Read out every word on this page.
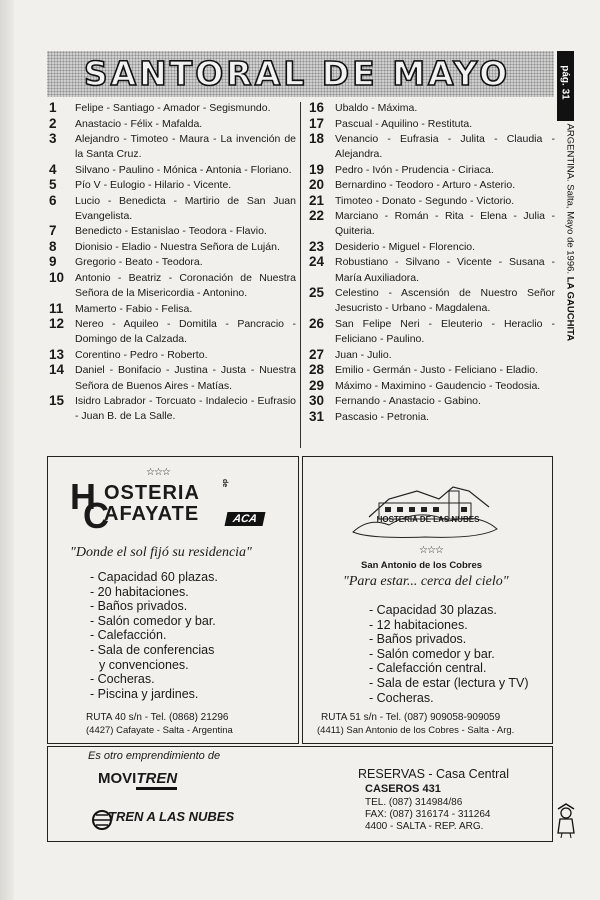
SANTORAL DE MAYO	pág. 31
REP. ARGENTINA. Salta, Mayo de 1996. LA GAUCHITA
1	Felipe - Santiago - Amador - Segismundo.
2	Anastacio - Félix - Mafalda.
3	Alejandro - Timoteo - Maura - La invención de la Santa Cruz.
4	Silvano - Paulino - Mónica - Antonia - Floriano.
5	Pío V - Eulogio - Hilario - Vicente.
6	Lucio - Benedicta - Martirio de San Juan Evangelista.
7	Benedicto - Estanislao - Teodora - Flavio.
8	Dionisio - Eladio - Nuestra Señora de Luján.
9	Gregorio - Beato - Teodora.
10	Antonio - Beatriz - Coronación de Nuestra Señora de la Misericordia - Antonino.
11	Mamerto - Fabio - Felisa.
12	Nereo - Aquileo - Domitila - Pancracio - Domingo de la Calzada.
13	Corentino - Pedro - Roberto.
14	Daniel - Bonifacio - Justina - Justa - Nuestra Señora de Buenos Aires - Matías.
15	Isidro Labrador - Torcuato - Indalecio - Eufrasio - Juan B. de La Salle.
16	Ubaldo - Máxima.
17	Pascual - Aquilino - Restituta.
18	Venancio - Eufrasia - Julita - Claudia - Alejandra.
19	Pedro - Ivón - Prudencia - Ciriaca.
20	Bernardino - Teodoro - Arturo - Asterio.
21	Timoteo - Donato - Segundo - Victorio.
22	Marciano - Román - Rita - Elena - Julia - Quiteria.
23	Desiderio - Miguel - Florencio.
24	Robustiano - Silvano - Vicente - Susana - María Auxiliadora.
25	Celestino - Ascensión de Nuestro Señor Jesucristo - Urbano - Magdalena.
26	San Felipe Neri - Eleuterio - Heraclio - Feliciano - Paulino.
27	Juan - Julio.
28	Emilio - Germán - Justo - Feliciano - Eladio.
29	Máximo - Maximino - Gaudencio - Teodosia.
30	Fernando - Anastacio - Gabino.
31	Pascasio - Petronia.
☆☆☆
H
C
OSTERIA	de
AFAYATE	ACA
"Donde el sol fijó su residencia"
- Capacidad 60 plazas.
- 20 habitaciones.
- Baños privados.
- Salón comedor y bar.
- Calefacción.
- Sala de conferencias
y convenciones.
- Cocheras.
- Piscina y jardines.
RUTA 40 s/n - Tel. (0868) 21296
(4427) Cafayate - Salta - Argentina
HOSTERIA DE LAS NUBES
☆☆☆
San Antonio de los Cobres
"Para estar... cerca del cielo"
- Capacidad 30 plazas.
- 12 habitaciones.
- Baños privados.
- Salón comedor y bar.
- Calefacción central.
- Sala de estar (lectura y TV)
- Cocheras.
RUTA 51 s/n - Tel. (087) 909058-909059
(4411) San Antonio de los Cobres - Salta - Arg.
Es otro emprendimiento de
MOVITREN
TREN A LAS NUBES
RESERVAS - Casa Central
CASEROS 431
TEL. (087) 314984/86
FAX: (087) 316174 - 311264
4400 - SALTA - REP. ARG.
